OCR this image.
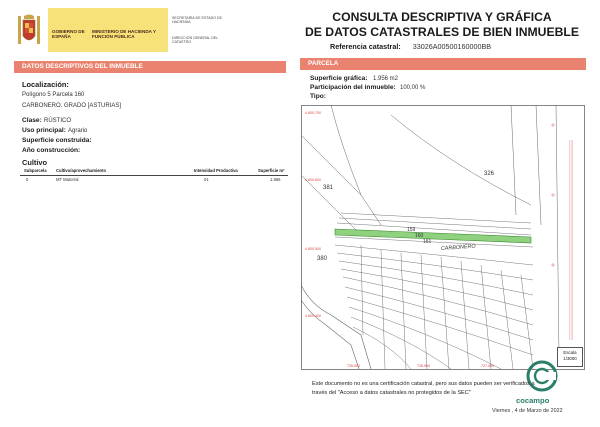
GOBIERNO DE ESPAÑA
MINISTERIO DE HACIENDA Y FUNCIÓN PÚBLICA
SECRETARÍA DE ESTADO DE HACIENDA
DIRECCIÓN GENERAL DEL CATASTRO
CONSULTA DESCRIPTIVA Y GRÁFICA
DE DATOS CATASTRALES DE BIEN INMUEBLE
Referencia catastral: 33026A00500160000BB
DATOS DESCRIPTIVOS DEL INMUEBLE
Localización:
Polígono 5 Parcela 160
CARBONERO. GRADO [ASTURIAS]
Clase: RÚSTICO
Uso principal: Agrario
Superficie construida:
Año construcción:
Cultivo
Subparcela Cultivo/aprovechamiento	Intensidad Productiva	Superficie m²
0	MT Matorral	01	1.956
PARCELA
Superficie gráfica: 1.956 m2
Participación del inmueble: 100,00 %
Tipo:
4.800.700
4.800.600
4.800.500
4.800.400
726.800	726.900	727.000
381
326
159
160
161
380
CARBONERO
Escala
1/3000
cocampo
Este documento no es una certificación catastral, pero sus datos pueden ser verificados a
través del "Acceso a datos catastrales no protegidos de la SEC"
Viernes , 4 de Marzo de 2022
